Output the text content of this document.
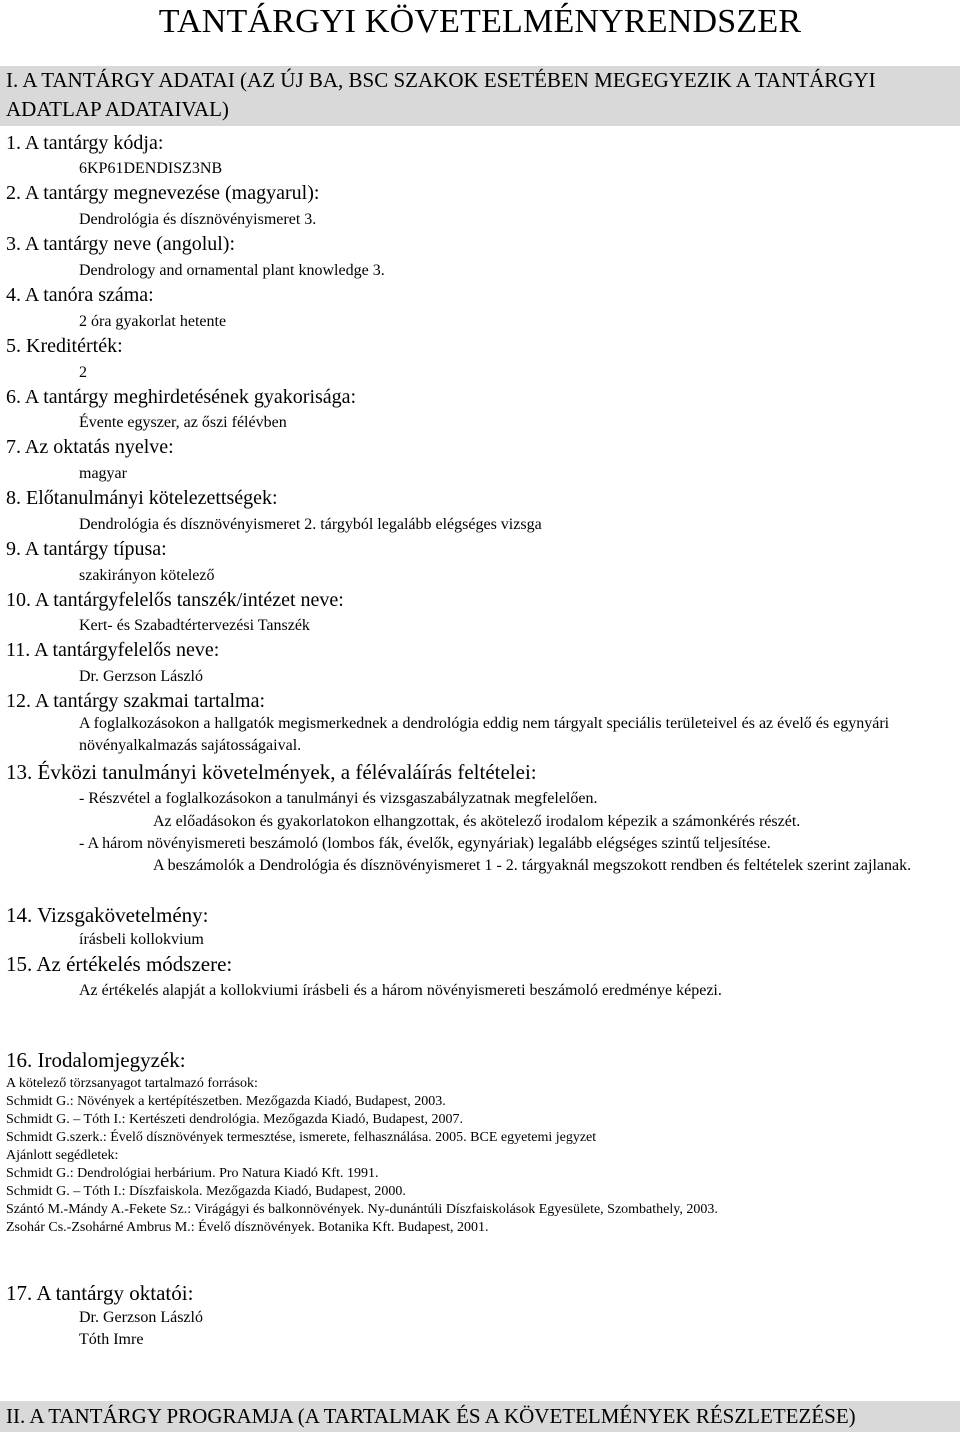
TANTÁRGYI KÖVETELMÉNYRENDSZER
I. A TANTÁRGY ADATAI (AZ ÚJ BA, BSC SZAKOK ESETÉBEN MEGEGYEZIK A TANTÁRGYI ADATLAP ADATAIVAL)
1. A tantárgy kódja:
6KP61DENDISZ3NB
2. A tantárgy megnevezése (magyarul):
Dendrológia és dísznövényismeret 3.
3. A tantárgy neve (angolul):
Dendrology and ornamental plant knowledge 3.
4. A tanóra száma:
2 óra gyakorlat hetente
5. Kreditérték:
2
6. A tantárgy meghirdetésének gyakorisága:
Évente egyszer, az őszi félévben
7. Az oktatás nyelve:
magyar
8. Előtanulmányi kötelezettségek:
Dendrológia és dísznövényismeret 2. tárgyból legalább elégséges vizsga
9. A tantárgy típusa:
szakirányon kötelező
10. A tantárgyfelelős tanszék/intézet neve:
Kert- és Szabadtértervezési Tanszék
11. A tantárgyfelelős neve:
Dr. Gerzson László
12. A tantárgy szakmai tartalma:
A foglalkozásokon a hallgatók megismerkednek a dendrológia eddig nem tárgyalt speciális területeivel és az évelő és egynyári növényalkalmazás sajátosságaival.
13. Évközi tanulmányi követelmények, a félévaláírás feltételei:
- Részvétel a foglalkozásokon a tanulmányi és vizsgaszabályzatnak megfelelően.
Az előadásokon és gyakorlatokon elhangzottak, és akötelező irodalom képezik a számonkérés részét.
- A három növényismereti beszámoló (lombos fák, évelők, egynyáriak) legalább elégséges szintű teljesítése.
A beszámolók a Dendrológia és dísznövényismeret 1 - 2. tárgyaknál megszokott rendben és feltételek szerint zajlanak.
14. Vizsgakövetelmény:
írásbeli kollokvium
15. Az értékelés módszere:
Az értékelés alapját a kollokviumi írásbeli és a három növényismereti beszámoló eredménye képezi.
16. Irodalomjegyzék:
A kötelező törzsanyagot tartalmazó források:
Schmidt G.: Növények a kertépítészetben. Mezőgazda Kiadó, Budapest, 2003.
Schmidt G. – Tóth I.: Kertészeti dendrológia. Mezőgazda Kiadó, Budapest, 2007.
Schmidt G.szerk.: Évelő dísznövények termesztése, ismerete, felhasználása. 2005. BCE egyetemi jegyzet
Ajánlott segédletek:
Schmidt G.: Dendrológiai herbárium. Pro Natura Kiadó Kft. 1991.
Schmidt G. – Tóth I.: Díszfaiskola. Mezőgazda Kiadó, Budapest, 2000.
Szántó M.-Mándy A.-Fekete Sz.: Virágágyi és balkonnövények. Ny-dunántúli Díszfaiskolások Egyesülete, Szombathely, 2003.
Zsohár Cs.-Zsohárné Ambrus M.: Évelő dísznövények. Botanika Kft. Budapest, 2001.
17. A tantárgy oktatói:
Dr. Gerzson László
Tóth Imre
II. A TANTÁRGY PROGRAMJA (A TARTALMAK ÉS A KÖVETELMÉNYEK RÉSZLETEZÉSE)
